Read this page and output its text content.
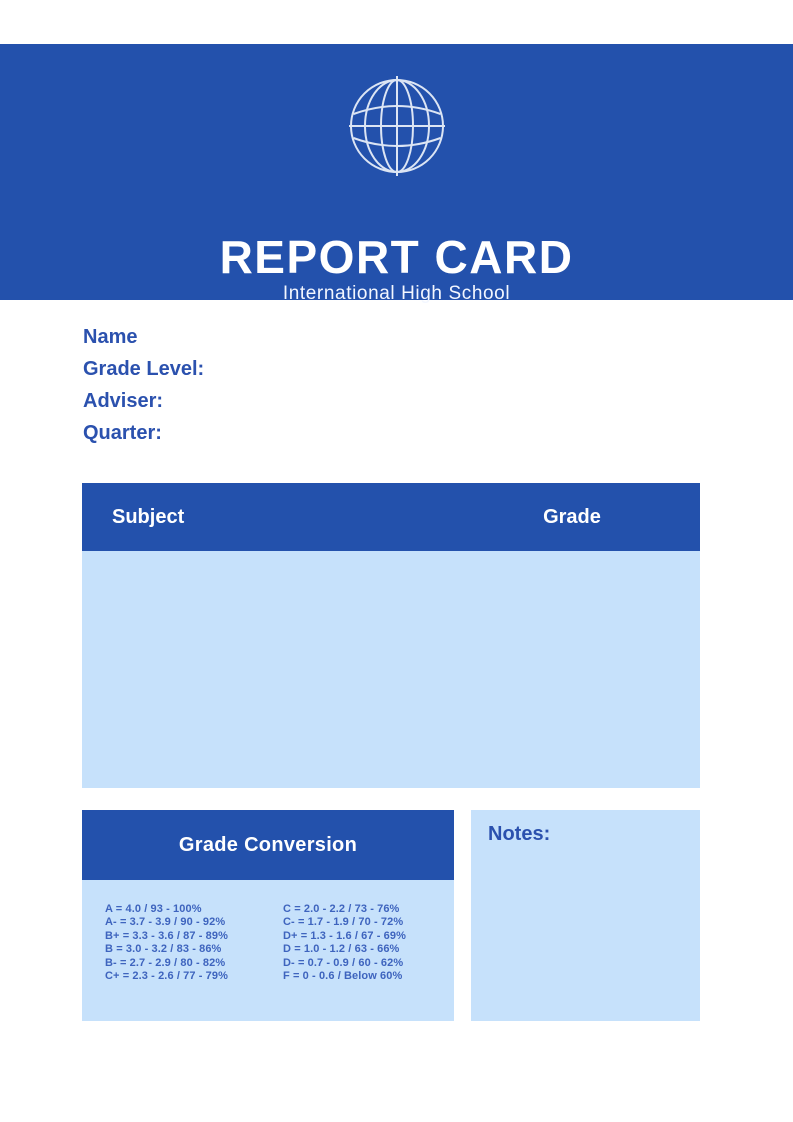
REPORT CARD
International High School
Name
Grade Level:
Adviser:
Quarter:
Subject	Grade
Grade Conversion
A = 4.0 / 93 - 100%
A- = 3.7 - 3.9 / 90 - 92%
B+ = 3.3 - 3.6 / 87 - 89%
B = 3.0 - 3.2 / 83 - 86%
B- = 2.7 - 2.9 / 80 - 82%
C+ = 2.3 - 2.6 / 77 - 79%
C = 2.0 - 2.2 / 73 - 76%
C- = 1.7 - 1.9 / 70 - 72%
D+ = 1.3 - 1.6 / 67 - 69%
D = 1.0 - 1.2 / 63 - 66%
D- = 0.7 - 0.9 / 60 - 62%
F = 0 - 0.6 / Below 60%
Notes:
